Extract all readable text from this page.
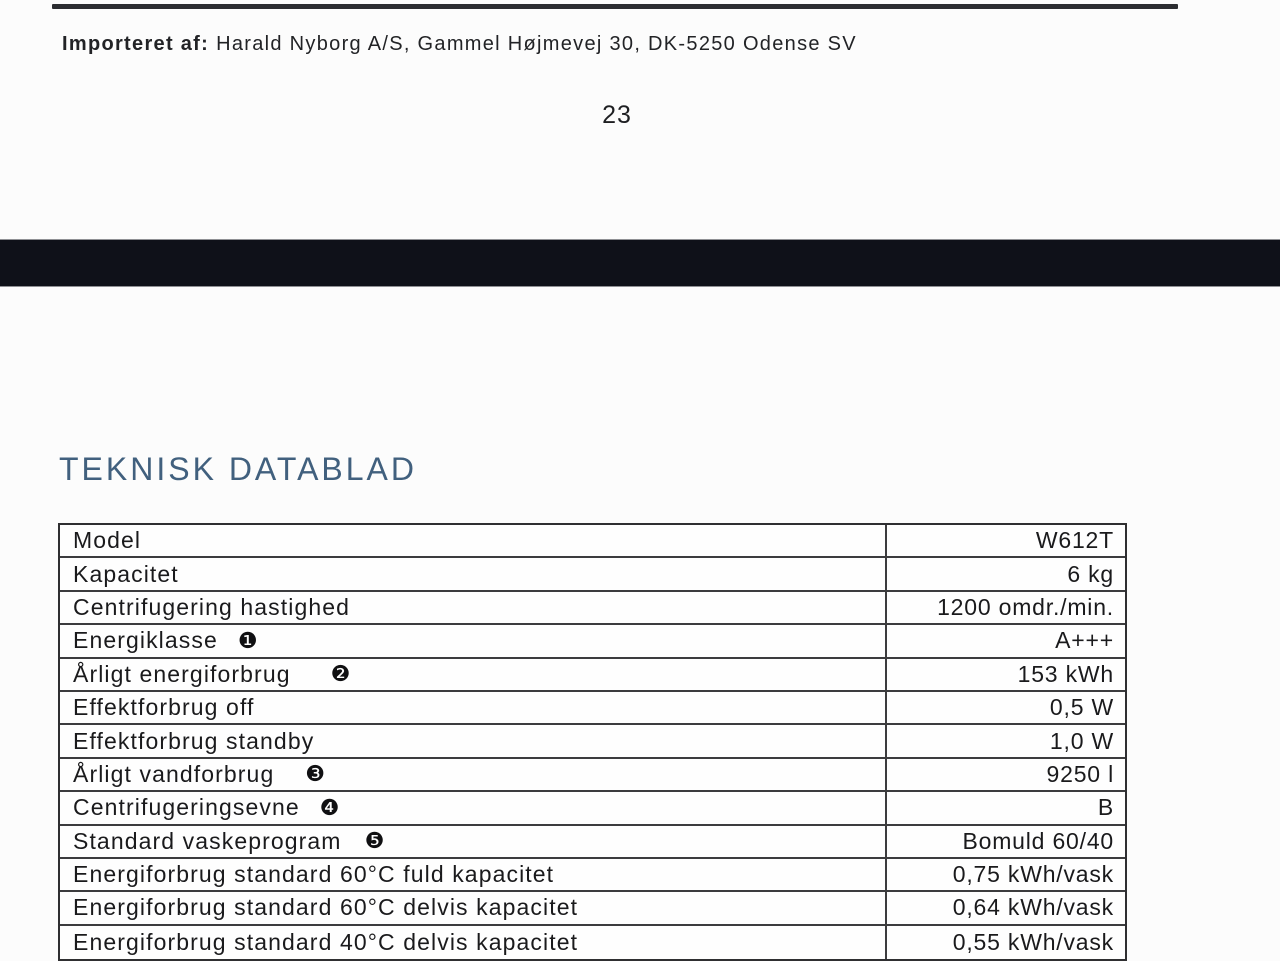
Importeret af: Harald Nyborg A/S, Gammel Højmevej 30, DK-5250 Odense SV

23
TEKNISK DATABLAD
Model	W612T
Kapacitet	6 kg
Centrifugering hastighed	1200 omdr./min.
Energiklasse ❶	A+++
Årligt energiforbrug ❷	153 kWh
Effektforbrug off	0,5 W
Effektforbrug standby	1,0 W
Årligt vandforbrug ❸	9250 l
Centrifugeringsevne ❹	B
Standard vaskeprogram ❺	Bomuld 60/40
Energiforbrug standard 60°C fuld kapacitet	0,75 kWh/vask
Energiforbrug standard 60°C delvis kapacitet	0,64 kWh/vask
Energiforbrug standard 40°C delvis kapacitet	0,55 kWh/vask
